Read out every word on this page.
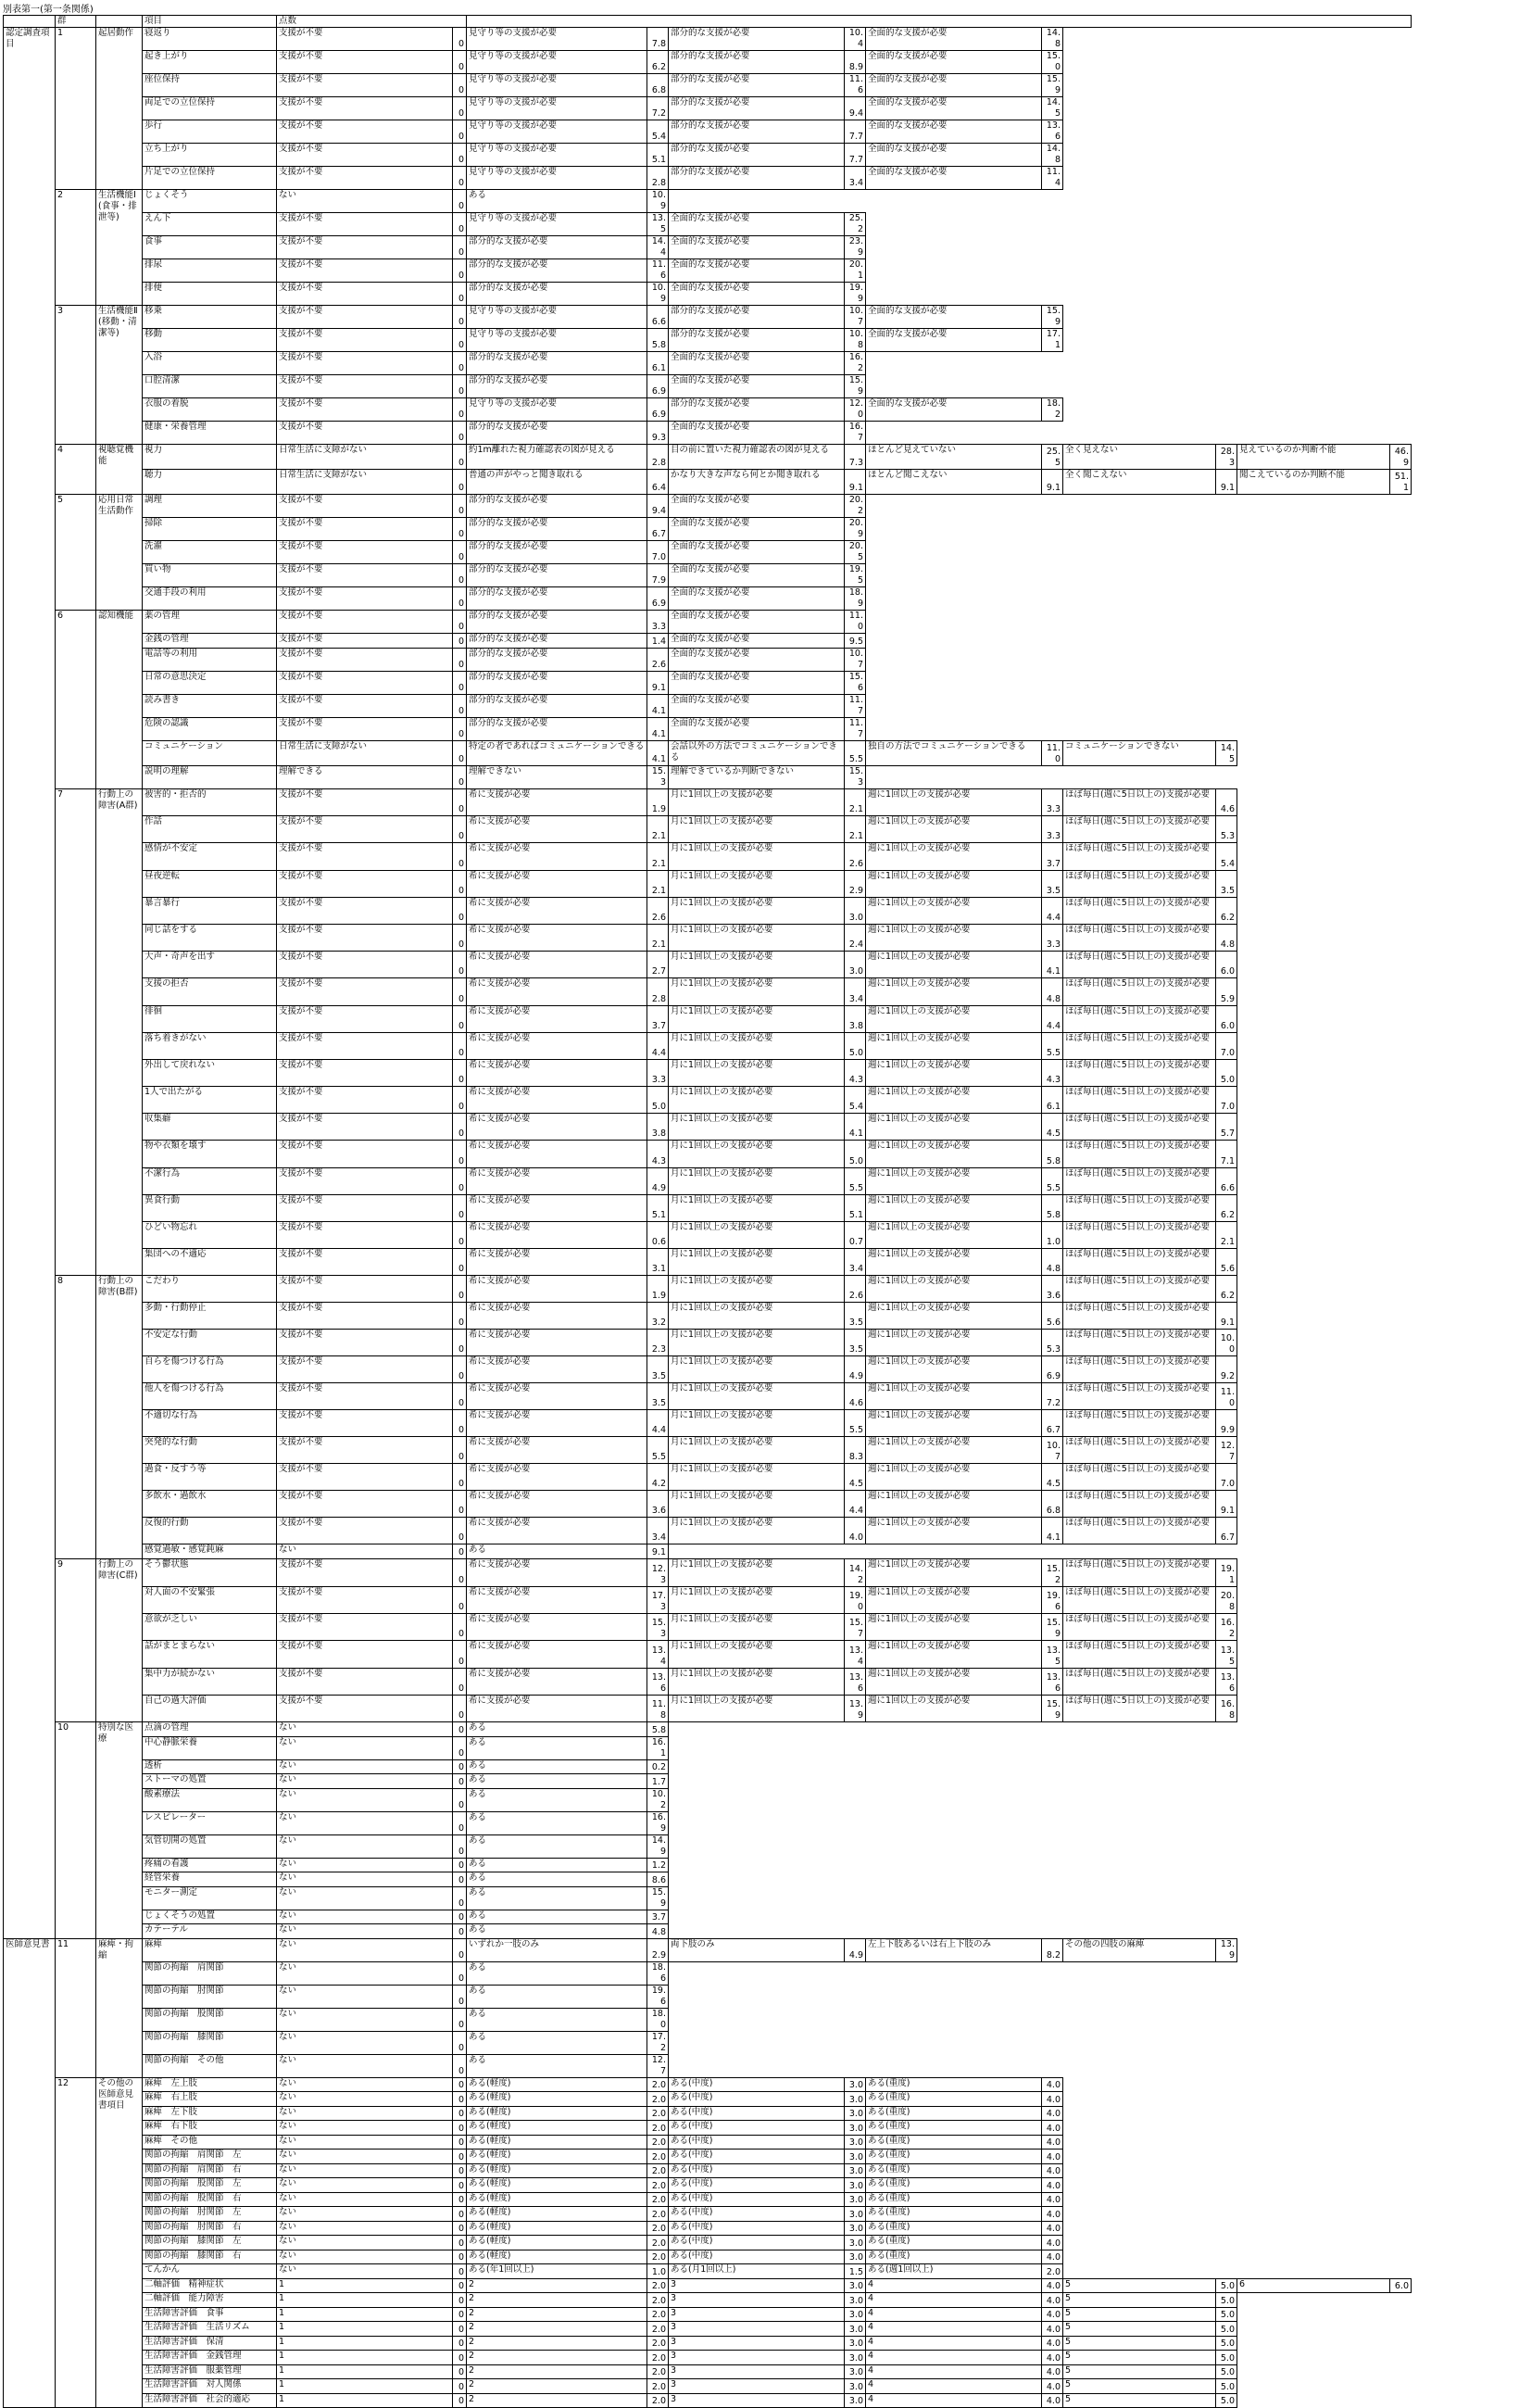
別表第一(第一条関係)
	群		項目	点数											
認定調査項目	1	起居動作	寝返り	支援が不要	0	見守り等の支援が必要	7.8	部分的な支援が必要	10.4	全面的な支援が必要	14.8				
			起き上がり	支援が不要	0	見守り等の支援が必要	6.2	部分的な支援が必要	8.9	全面的な支援が必要	15.0				
			座位保持	支援が不要	0	見守り等の支援が必要	6.8	部分的な支援が必要	11.6	全面的な支援が必要	15.9				
			両足での立位保持	支援が不要	0	見守り等の支援が必要	7.2	部分的な支援が必要	9.4	全面的な支援が必要	14.5				
			歩行	支援が不要	0	見守り等の支援が必要	5.4	部分的な支援が必要	7.7	全面的な支援が必要	13.6				
			立ち上がり	支援が不要	0	見守り等の支援が必要	5.1	部分的な支援が必要	7.7	全面的な支援が必要	14.8				
			片足での立位保持	支援が不要	0	見守り等の支援が必要	2.8	部分的な支援が必要	3.4	全面的な支援が必要	11.4				
	2	生活機能Ⅰ(食事・排泄等)	じょくそう	ない	0	ある	10.9								
			えん下	支援が不要	0	見守り等の支援が必要	13.5	全面的な支援が必要	25.2						
			食事	支援が不要	0	部分的な支援が必要	14.4	全面的な支援が必要	23.9						
			排尿	支援が不要	0	部分的な支援が必要	11.6	全面的な支援が必要	20.1						
			排便	支援が不要	0	部分的な支援が必要	10.9	全面的な支援が必要	19.9						
	3	生活機能Ⅱ(移動・清潔等)	移乗	支援が不要	0	見守り等の支援が必要	6.6	部分的な支援が必要	10.7	全面的な支援が必要	15.9				
			移動	支援が不要	0	見守り等の支援が必要	5.8	部分的な支援が必要	10.8	全面的な支援が必要	17.1				
			入浴	支援が不要	0	部分的な支援が必要	6.1	全面的な支援が必要	16.2						
			口腔清潔	支援が不要	0	部分的な支援が必要	6.9	全面的な支援が必要	15.9						
			衣服の着脱	支援が不要	0	見守り等の支援が必要	6.9	部分的な支援が必要	12.0	全面的な支援が必要	18.2				
			健康・栄養管理	支援が不要	0	部分的な支援が必要	9.3	全面的な支援が必要	16.7						
	4	視聴覚機能	視力	日常生活に支障がない	0	約1m離れた視力確認表の図が見える	2.8	目の前に置いた視力確認表の図が見える	7.3	ほとんど見えていない	25.5	全く見えない	28.3	見えているのか判断不能	46.9
			聴力	日常生活に支障がない	0	普通の声がやっと聞き取れる	6.4	かなり大きな声なら何とか聞き取れる	9.1	ほとんど聞こえない	9.1	全く聞こえない	9.1	聞こえているのか判断不能	51.1
	5	応用日常生活動作	調理	支援が不要	0	部分的な支援が必要	9.4	全面的な支援が必要	20.2						
			掃除	支援が不要	0	部分的な支援が必要	6.7	全面的な支援が必要	20.9						
			洗濯	支援が不要	0	部分的な支援が必要	7.0	全面的な支援が必要	20.5						
			買い物	支援が不要	0	部分的な支援が必要	7.9	全面的な支援が必要	19.5						
			交通手段の利用	支援が不要	0	部分的な支援が必要	6.9	全面的な支援が必要	18.9						
	6	認知機能	薬の管理	支援が不要	0	部分的な支援が必要	3.3	全面的な支援が必要	11.0						
			金銭の管理	支援が不要	0	部分的な支援が必要	1.4	全面的な支援が必要	9.5						
			電話等の利用	支援が不要	0	部分的な支援が必要	2.6	全面的な支援が必要	10.7						
			日常の意思決定	支援が不要	0	部分的な支援が必要	9.1	全面的な支援が必要	15.6						
			読み書き	支援が不要	0	部分的な支援が必要	4.1	全面的な支援が必要	11.7						
			危険の認識	支援が不要	0	部分的な支援が必要	4.1	全面的な支援が必要	11.7						
			コミュニケーション	日常生活に支障がない	0	特定の者であればコミュニケーションできる	4.1	会話以外の方法でコミュニケーションできる	5.5	独自の方法でコミュニケーションできる	11.0	コミュニケーションできない	14.5		
			説明の理解	理解できる	0	理解できない	15.3	理解できているか判断できない	15.3						
	7	行動上の障害(A群)	被害的・拒否的	支援が不要	0	希に支援が必要	1.9	月に1回以上の支援が必要	2.1	週に1回以上の支援が必要	3.3	ほぼ毎日(週に5日以上の)支援が必要	4.6		
			作話	支援が不要	0	希に支援が必要	2.1	月に1回以上の支援が必要	2.1	週に1回以上の支援が必要	3.3	ほぼ毎日(週に5日以上の)支援が必要	5.3		
			感情が不安定	支援が不要	0	希に支援が必要	2.1	月に1回以上の支援が必要	2.6	週に1回以上の支援が必要	3.7	ほぼ毎日(週に5日以上の)支援が必要	5.4		
			昼夜逆転	支援が不要	0	希に支援が必要	2.1	月に1回以上の支援が必要	2.9	週に1回以上の支援が必要	3.5	ほぼ毎日(週に5日以上の)支援が必要	3.5		
			暴言暴行	支援が不要	0	希に支援が必要	2.6	月に1回以上の支援が必要	3.0	週に1回以上の支援が必要	4.4	ほぼ毎日(週に5日以上の)支援が必要	6.2		
			同じ話をする	支援が不要	0	希に支援が必要	2.1	月に1回以上の支援が必要	2.4	週に1回以上の支援が必要	3.3	ほぼ毎日(週に5日以上の)支援が必要	4.8		
			大声・奇声を出す	支援が不要	0	希に支援が必要	2.7	月に1回以上の支援が必要	3.0	週に1回以上の支援が必要	4.1	ほぼ毎日(週に5日以上の)支援が必要	6.0		
			支援の拒否	支援が不要	0	希に支援が必要	2.8	月に1回以上の支援が必要	3.4	週に1回以上の支援が必要	4.8	ほぼ毎日(週に5日以上の)支援が必要	5.9		
			徘徊	支援が不要	0	希に支援が必要	3.7	月に1回以上の支援が必要	3.8	週に1回以上の支援が必要	4.4	ほぼ毎日(週に5日以上の)支援が必要	6.0		
			落ち着きがない	支援が不要	0	希に支援が必要	4.4	月に1回以上の支援が必要	5.0	週に1回以上の支援が必要	5.5	ほぼ毎日(週に5日以上の)支援が必要	7.0		
			外出して戻れない	支援が不要	0	希に支援が必要	3.3	月に1回以上の支援が必要	4.3	週に1回以上の支援が必要	4.3	ほぼ毎日(週に5日以上の)支援が必要	5.0		
			1人で出たがる	支援が不要	0	希に支援が必要	5.0	月に1回以上の支援が必要	5.4	週に1回以上の支援が必要	6.1	ほぼ毎日(週に5日以上の)支援が必要	7.0		
			収集癖	支援が不要	0	希に支援が必要	3.8	月に1回以上の支援が必要	4.1	週に1回以上の支援が必要	4.5	ほぼ毎日(週に5日以上の)支援が必要	5.7		
			物や衣類を壊す	支援が不要	0	希に支援が必要	4.3	月に1回以上の支援が必要	5.0	週に1回以上の支援が必要	5.8	ほぼ毎日(週に5日以上の)支援が必要	7.1		
			不潔行為	支援が不要	0	希に支援が必要	4.9	月に1回以上の支援が必要	5.5	週に1回以上の支援が必要	5.5	ほぼ毎日(週に5日以上の)支援が必要	6.6		
			異食行動	支援が不要	0	希に支援が必要	5.1	月に1回以上の支援が必要	5.1	週に1回以上の支援が必要	5.8	ほぼ毎日(週に5日以上の)支援が必要	6.2		
			ひどい物忘れ	支援が不要	0	希に支援が必要	0.6	月に1回以上の支援が必要	0.7	週に1回以上の支援が必要	1.0	ほぼ毎日(週に5日以上の)支援が必要	2.1		
			集団への不適応	支援が不要	0	希に支援が必要	3.1	月に1回以上の支援が必要	3.4	週に1回以上の支援が必要	4.8	ほぼ毎日(週に5日以上の)支援が必要	5.6		
	8	行動上の障害(B群)	こだわり	支援が不要	0	希に支援が必要	1.9	月に1回以上の支援が必要	2.6	週に1回以上の支援が必要	3.6	ほぼ毎日(週に5日以上の)支援が必要	6.2		
			多動・行動停止	支援が不要	0	希に支援が必要	3.2	月に1回以上の支援が必要	3.5	週に1回以上の支援が必要	5.6	ほぼ毎日(週に5日以上の)支援が必要	9.1		
			不安定な行動	支援が不要	0	希に支援が必要	2.3	月に1回以上の支援が必要	3.5	週に1回以上の支援が必要	5.3	ほぼ毎日(週に5日以上の)支援が必要	10.0		
			自らを傷つける行為	支援が不要	0	希に支援が必要	3.5	月に1回以上の支援が必要	4.9	週に1回以上の支援が必要	6.9	ほぼ毎日(週に5日以上の)支援が必要	9.2		
			他人を傷つける行為	支援が不要	0	希に支援が必要	3.5	月に1回以上の支援が必要	4.6	週に1回以上の支援が必要	7.2	ほぼ毎日(週に5日以上の)支援が必要	11.0		
			不適切な行為	支援が不要	0	希に支援が必要	4.4	月に1回以上の支援が必要	5.5	週に1回以上の支援が必要	6.7	ほぼ毎日(週に5日以上の)支援が必要	9.9		
			突発的な行動	支援が不要	0	希に支援が必要	5.5	月に1回以上の支援が必要	8.3	週に1回以上の支援が必要	10.7	ほぼ毎日(週に5日以上の)支援が必要	12.7		
			過食・反すう等	支援が不要	0	希に支援が必要	4.2	月に1回以上の支援が必要	4.5	週に1回以上の支援が必要	4.5	ほぼ毎日(週に5日以上の)支援が必要	7.0		
			多飲水・過飲水	支援が不要	0	希に支援が必要	3.6	月に1回以上の支援が必要	4.4	週に1回以上の支援が必要	6.8	ほぼ毎日(週に5日以上の)支援が必要	9.1		
			反復的行動	支援が不要	0	希に支援が必要	3.4	月に1回以上の支援が必要	4.0	週に1回以上の支援が必要	4.1	ほぼ毎日(週に5日以上の)支援が必要	6.7		
			感覚過敏・感覚鈍麻	ない	0	ある	9.1								
	9	行動上の障害(C群)	そう鬱状態	支援が不要	0	希に支援が必要	12.3	月に1回以上の支援が必要	14.2	週に1回以上の支援が必要	15.2	ほぼ毎日(週に5日以上の)支援が必要	19.1		
			対人面の不安緊張	支援が不要	0	希に支援が必要	17.3	月に1回以上の支援が必要	19.0	週に1回以上の支援が必要	19.6	ほぼ毎日(週に5日以上の)支援が必要	20.8		
			意欲が乏しい	支援が不要	0	希に支援が必要	15.3	月に1回以上の支援が必要	15.7	週に1回以上の支援が必要	15.9	ほぼ毎日(週に5日以上の)支援が必要	16.2		
			話がまとまらない	支援が不要	0	希に支援が必要	13.4	月に1回以上の支援が必要	13.4	週に1回以上の支援が必要	13.5	ほぼ毎日(週に5日以上の)支援が必要	13.5		
			集中力が続かない	支援が不要	0	希に支援が必要	13.6	月に1回以上の支援が必要	13.6	週に1回以上の支援が必要	13.6	ほぼ毎日(週に5日以上の)支援が必要	13.6		
			自己の過大評価	支援が不要	0	希に支援が必要	11.8	月に1回以上の支援が必要	13.9	週に1回以上の支援が必要	15.9	ほぼ毎日(週に5日以上の)支援が必要	16.8		
	10	特別な医療	点滴の管理	ない	0	ある	5.8								
			中心静脈栄養	ない	0	ある	16.1								
			透析	ない	0	ある	0.2								
			ストーマの処置	ない	0	ある	1.7								
			酸素療法	ない	0	ある	10.2								
			レスピレーター	ない	0	ある	16.9								
			気管切開の処置	ない	0	ある	14.9								
			疼痛の看護	ない	0	ある	1.2								
			経管栄養	ない	0	ある	8.6								
			モニター測定	ない	0	ある	15.9								
			じょくそうの処置	ない	0	ある	3.7								
			カテーテル	ない	0	ある	4.8								
医師意見書	11	麻痺・拘縮	麻痺	ない	0	いずれか一肢のみ	2.9	両下肢のみ	4.9	左上下肢あるいは右上下肢のみ	8.2	その他の四肢の麻痺	13.9		
			関節の拘縮　肩関節	ない	0	ある	18.6								
			関節の拘縮　肘関節	ない	0	ある	19.6								
			関節の拘縮　股関節	ない	0	ある	18.0								
			関節の拘縮　膝関節	ない	0	ある	17.2								
			関節の拘縮　その他	ない	0	ある	12.7								
	12	その他の医師意見書項目	麻痺　左上肢	ない	0	ある(軽度)	2.0	ある(中度)	3.0	ある(重度)	4.0				
			麻痺　右上肢	ない	0	ある(軽度)	2.0	ある(中度)	3.0	ある(重度)	4.0				
			麻痺　左下肢	ない	0	ある(軽度)	2.0	ある(中度)	3.0	ある(重度)	4.0				
			麻痺　右下肢	ない	0	ある(軽度)	2.0	ある(中度)	3.0	ある(重度)	4.0				
			麻痺　その他	ない	0	ある(軽度)	2.0	ある(中度)	3.0	ある(重度)	4.0				
			関節の拘縮　肩関節　左	ない	0	ある(軽度)	2.0	ある(中度)	3.0	ある(重度)	4.0				
			関節の拘縮　肩関節　右	ない	0	ある(軽度)	2.0	ある(中度)	3.0	ある(重度)	4.0				
			関節の拘縮　股関節　左	ない	0	ある(軽度)	2.0	ある(中度)	3.0	ある(重度)	4.0				
			関節の拘縮　股関節　右	ない	0	ある(軽度)	2.0	ある(中度)	3.0	ある(重度)	4.0				
			関節の拘縮　肘関節　左	ない	0	ある(軽度)	2.0	ある(中度)	3.0	ある(重度)	4.0				
			関節の拘縮　肘関節　右	ない	0	ある(軽度)	2.0	ある(中度)	3.0	ある(重度)	4.0				
			関節の拘縮　膝関節　左	ない	0	ある(軽度)	2.0	ある(中度)	3.0	ある(重度)	4.0				
			関節の拘縮　膝関節　右	ない	0	ある(軽度)	2.0	ある(中度)	3.0	ある(重度)	4.0				
			てんかん	ない	0	ある(年1回以上)	1.0	ある(月1回以上)	1.5	ある(週1回以上)	2.0				
			二軸評価　精神症状	1	0	2	2.0	3	3.0	4	4.0	5	5.0	6	6.0
			二軸評価　能力障害	1	0	2	2.0	3	3.0	4	4.0	5	5.0		
			生活障害評価　食事	1	0	2	2.0	3	3.0	4	4.0	5	5.0		
			生活障害評価　生活リズム	1	0	2	2.0	3	3.0	4	4.0	5	5.0		
			生活障害評価　保清	1	0	2	2.0	3	3.0	4	4.0	5	5.0		
			生活障害評価　金銭管理	1	0	2	2.0	3	3.0	4	4.0	5	5.0		
			生活障害評価　服薬管理	1	0	2	2.0	3	3.0	4	4.0	5	5.0		
			生活障害評価　対人関係	1	0	2	2.0	3	3.0	4	4.0	5	5.0		
			生活障害評価　社会的適応	1	0	2	2.0	3	3.0	4	4.0	5	5.0		
